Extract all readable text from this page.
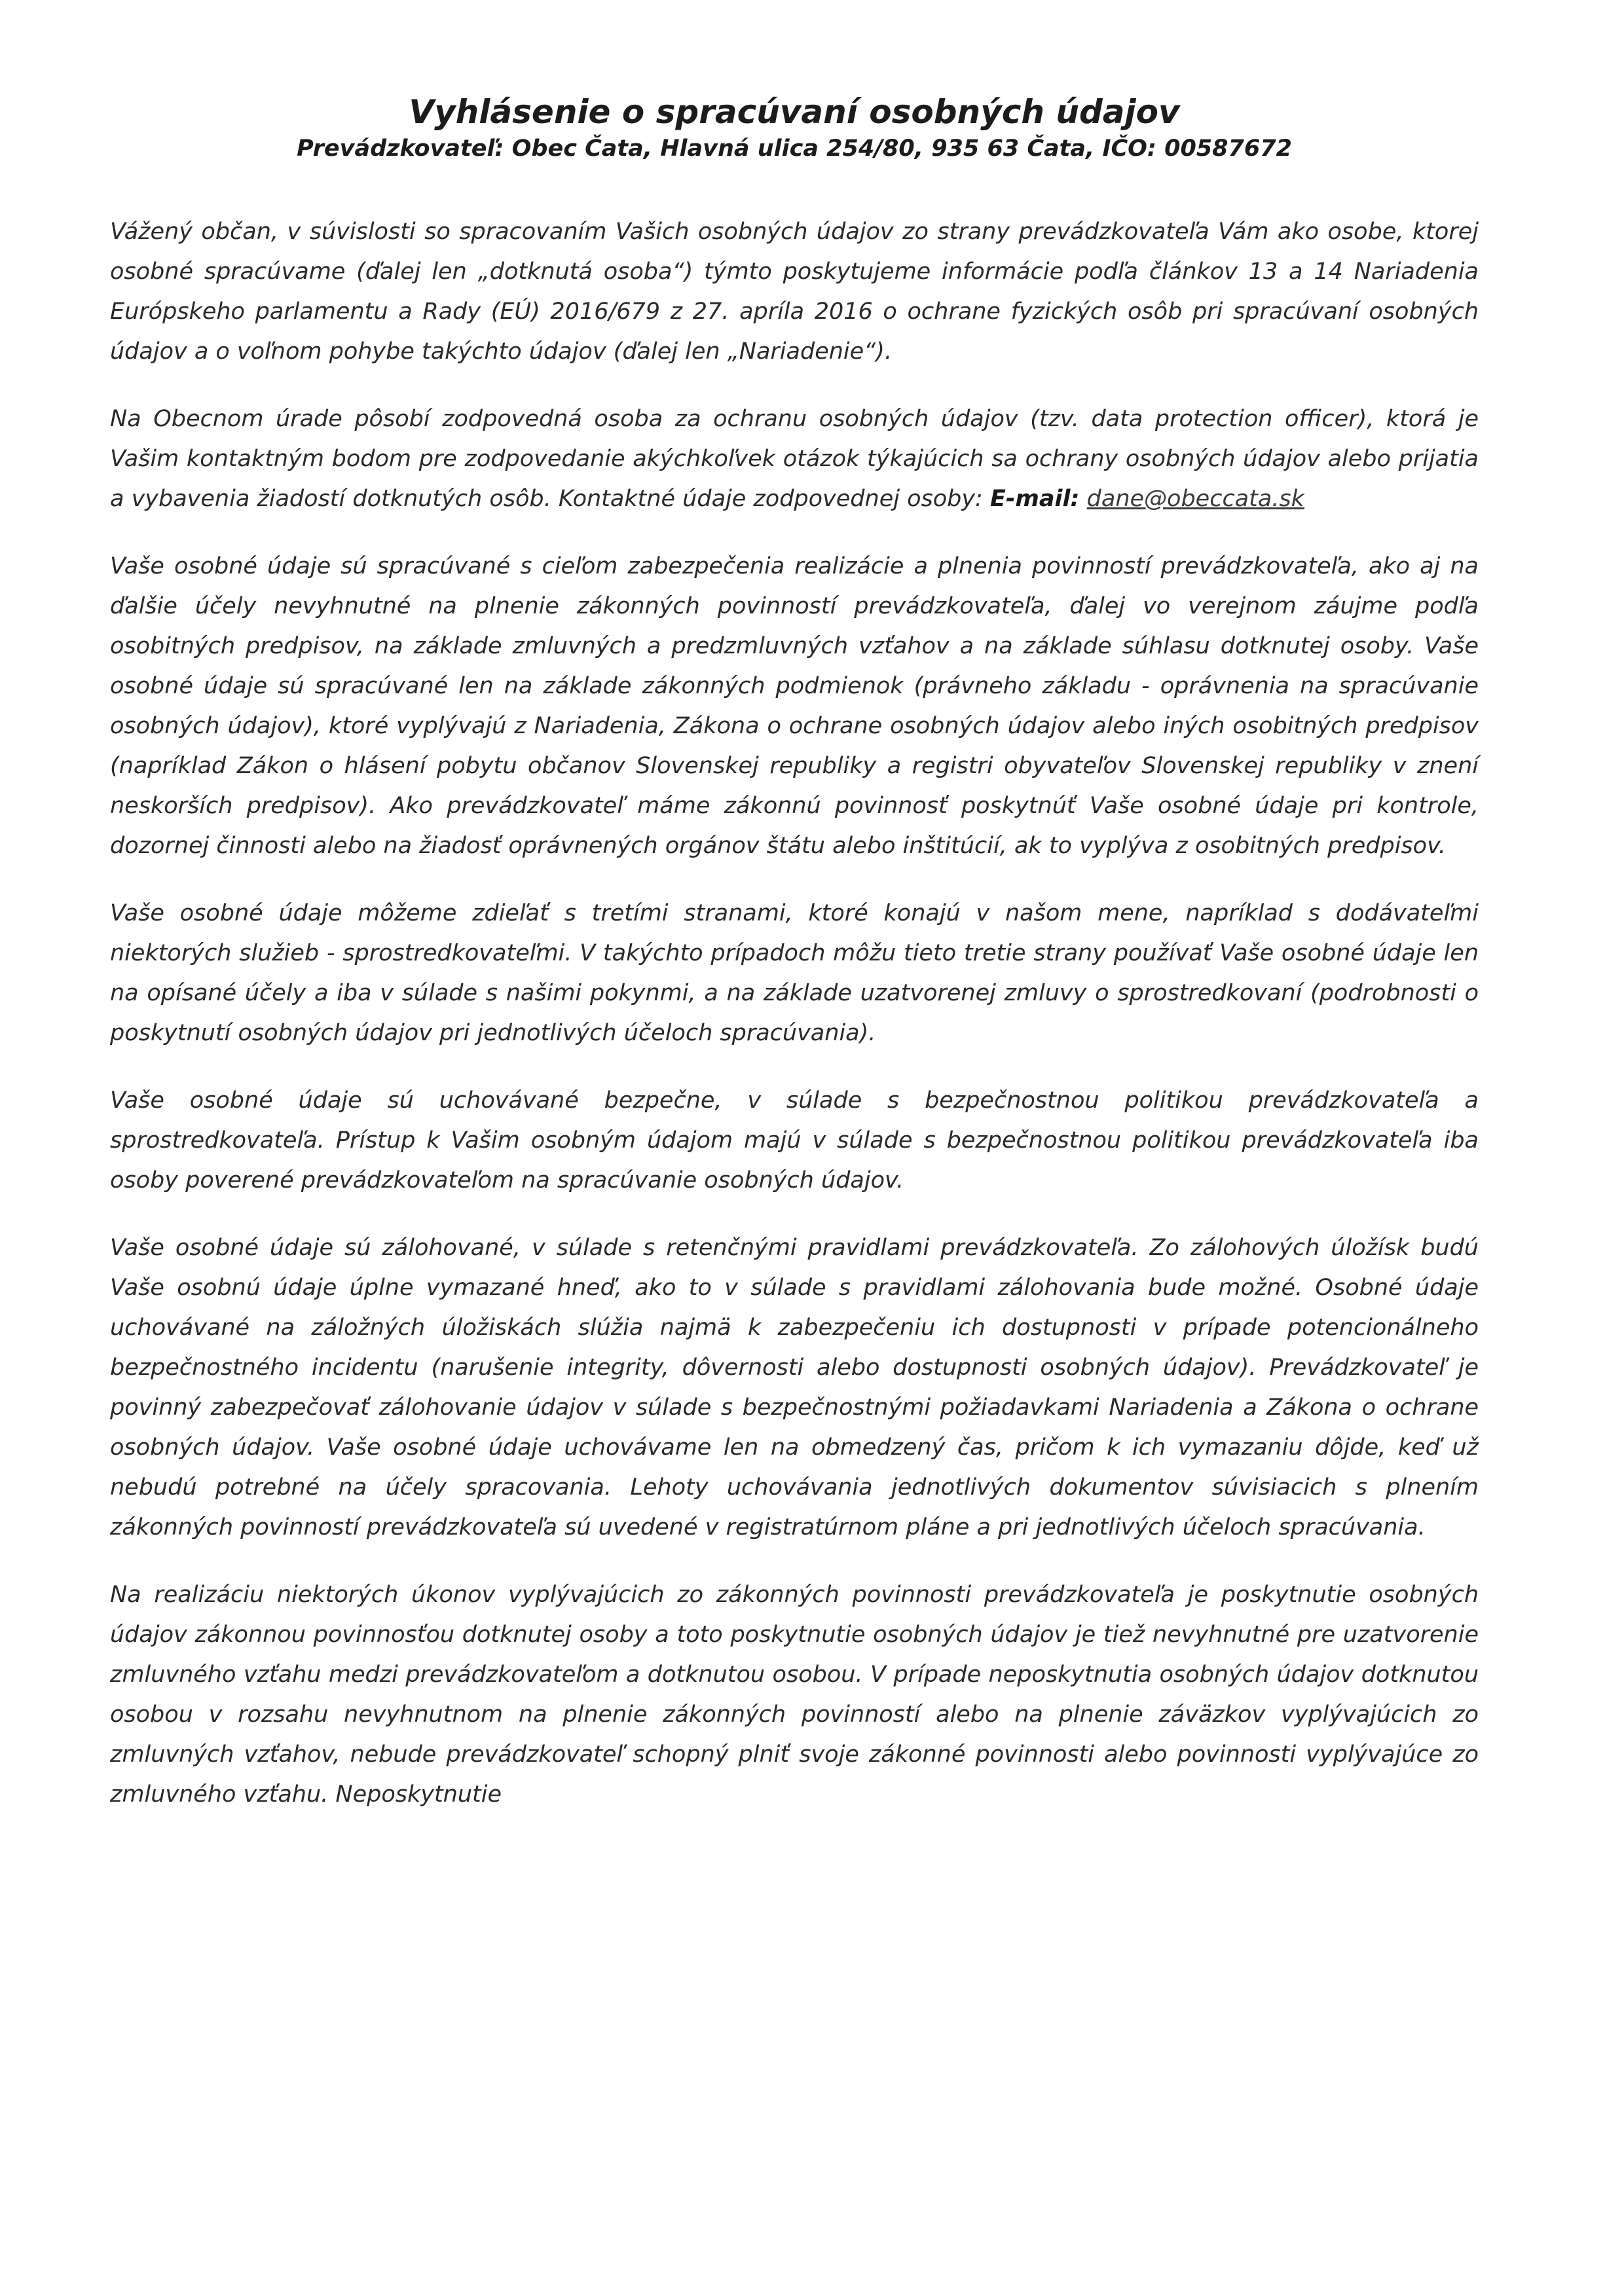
Vyhlásenie o spracúvaní osobných údajov
Prevádzkovateľ: Obec Čata, Hlavná ulica 254/80, 935 63 Čata, IČO: 00587672

Vážený občan, v súvislosti so spracovaním Vašich osobných údajov zo strany prevádzkovateľa Vám ako osobe, ktorej osobné spracúvame (ďalej len „dotknutá osoba“) týmto poskytujeme informácie podľa článkov 13 a 14 Nariadenia Európskeho parlamentu a Rady (EÚ) 2016/679 z 27. apríla 2016 o ochrane fyzických osôb pri spracúvaní osobných údajov a o voľnom pohybe takýchto údajov (ďalej len „Nariadenie“).

Na Obecnom úrade pôsobí zodpovedná osoba za ochranu osobných údajov (tzv. data protection officer), ktorá je Vašim kontaktným bodom pre zodpovedanie akýchkoľvek otázok týkajúcich sa ochrany osobných údajov alebo prijatia a vybavenia žiadostí dotknutých osôb. Kontaktné údaje zodpovednej osoby: E-mail: dane@obeccata.sk

Vaše osobné údaje sú spracúvané s cieľom zabezpečenia realizácie a plnenia povinností prevádzkovateľa, ako aj na ďalšie účely nevyhnutné na plnenie zákonných povinností prevádzkovateľa, ďalej vo verejnom záujme podľa osobitných predpisov, na základe zmluvných a predzmluvných vzťahov a na základe súhlasu dotknutej osoby. Vaše osobné údaje sú spracúvané len na základe zákonných podmienok (právneho základu - oprávnenia na spracúvanie osobných údajov), ktoré vyplývajú z Nariadenia, Zákona o ochrane osobných údajov alebo iných osobitných predpisov (napríklad Zákon o hlásení pobytu občanov Slovenskej republiky a registri obyvateľov Slovenskej republiky v znení neskorších predpisov). Ako prevádzkovateľ máme zákonnú povinnosť poskytnúť Vaše osobné údaje pri kontrole, dozornej činnosti alebo na žiadosť oprávnených orgánov štátu alebo inštitúcií, ak to vyplýva z osobitných predpisov.

Vaše osobné údaje môžeme zdieľať s tretími stranami, ktoré konajú v našom mene, napríklad s dodávateľmi niektorých služieb - sprostredkovateľmi. V takýchto prípadoch môžu tieto tretie strany používať Vaše osobné údaje len na opísané účely a iba v súlade s našimi pokynmi, a na základe uzatvorenej zmluvy o sprostredkovaní (podrobnosti o poskytnutí osobných údajov pri jednotlivých účeloch spracúvania).

Vaše osobné údaje sú uchovávané bezpečne, v súlade s bezpečnostnou politikou prevádzkovateľa a sprostredkovateľa. Prístup k Vašim osobným údajom majú v súlade s bezpečnostnou politikou prevádzkovateľa iba osoby poverené prevádzkovateľom na spracúvanie osobných údajov.

Vaše osobné údaje sú zálohované, v súlade s retenčnými pravidlami prevádzkovateľa. Zo zálohových úložísk budú Vaše osobnú údaje úplne vymazané hneď, ako to v súlade s pravidlami zálohovania bude možné. Osobné údaje uchovávané na záložných úložiskách slúžia najmä k zabezpečeniu ich dostupnosti v prípade potencionálneho bezpečnostného incidentu (narušenie integrity, dôvernosti alebo dostupnosti osobných údajov). Prevádzkovateľ je povinný zabezpečovať zálohovanie údajov v súlade s bezpečnostnými požiadavkami Nariadenia a Zákona o ochrane osobných údajov. Vaše osobné údaje uchovávame len na obmedzený čas, pričom k ich vymazaniu dôjde, keď už nebudú potrebné na účely spracovania. Lehoty uchovávania jednotlivých dokumentov súvisiacich s plnením zákonných povinností prevádzkovateľa sú uvedené v registratúrnom pláne a pri jednotlivých účeloch spracúvania.

Na realizáciu niektorých úkonov vyplývajúcich zo zákonných povinnosti prevádzkovateľa je poskytnutie osobných údajov zákonnou povinnosťou dotknutej osoby a toto poskytnutie osobných údajov je tiež nevyhnutné pre uzatvorenie zmluvného vzťahu medzi prevádzkovateľom a dotknutou osobou. V prípade neposkytnutia osobných údajov dotknutou osobou v rozsahu nevyhnutnom na plnenie zákonných povinností alebo na plnenie záväzkov vyplývajúcich zo zmluvných vzťahov, nebude prevádzkovateľ schopný plniť svoje zákonné povinnosti alebo povinnosti vyplývajúce zo zmluvného vzťahu. Neposkytnutie
